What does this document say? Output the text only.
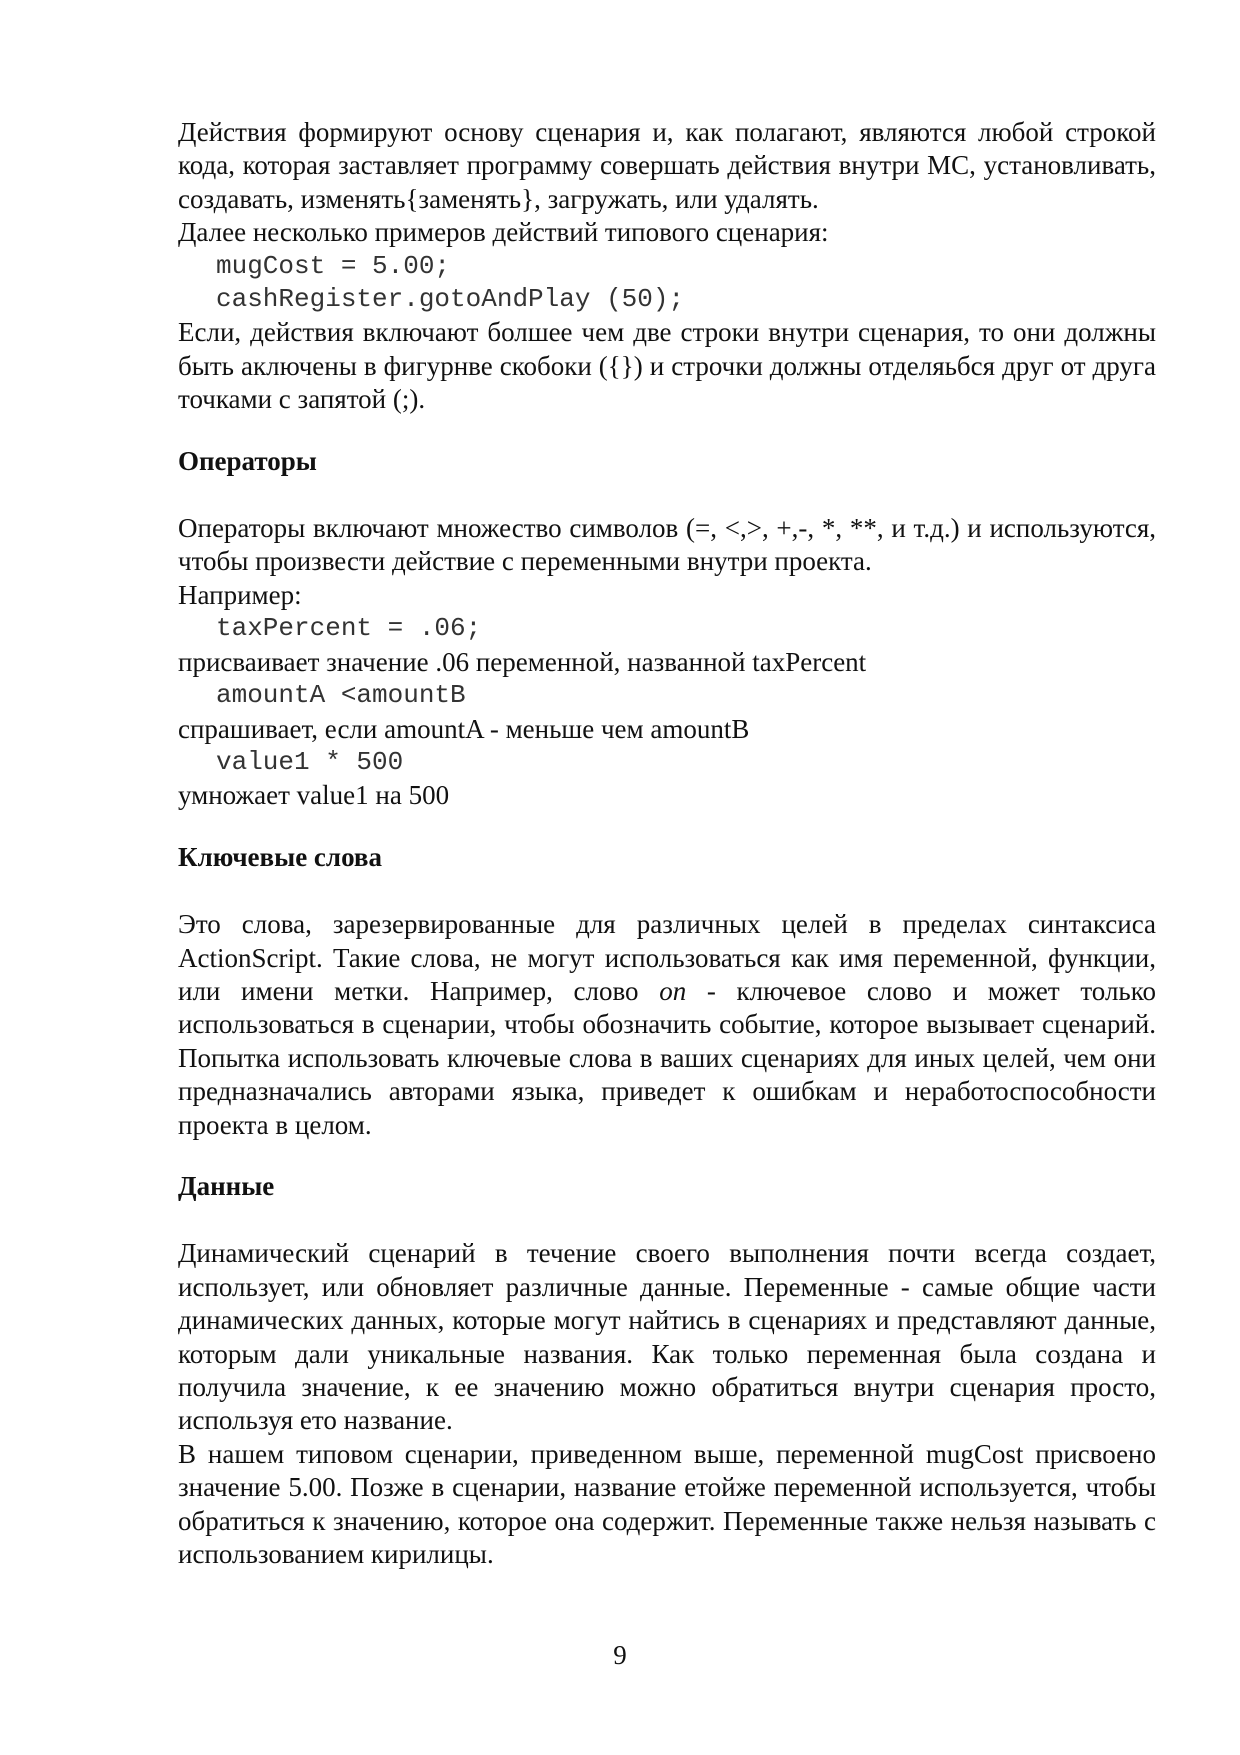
Действия формируют основу сценария и, как полагают, являются любой строкой кода, которая заставляет программу совершать действия внутри МС, установливать, создавать, изменять{заменять}, загружать, или удалять.

Далее несколько примеров действий типового сценария:

mugCost = 5.00;
cashRegister.gotoAndPlay (50);

Если, действия включают болшее чем две строки внутри сценария, то они должны быть аключены в фигурнве скобоки ({}) и строчки должны отделяьбся друг от друга точками с запятой (;).

Операторы

Операторы включают множество символов (=, <,>, +,-, *, **, и т.д.) и используются, чтобы произвести действие с переменными внутри проекта.

Например:

taxPercent = .06;

присваивает значение .06 переменной, названной taxPercent

amountA <amountB

спрашивает, если amountA - меньше чем amountB

value1 * 500

умножает value1 на 500

Ключевые слова

Это слова, зарезервированные для различных целей в пределах синтаксиса ActionScript. Такие слова, не могут использоваться как имя переменной, функции, или имени метки. Например, слово on - ключевое слово и может только использоваться в сценарии, чтобы обозначить событие, которое вызывает сценарий. Попытка использовать ключевые слова в ваших сценариях для иных целей, чем они предназначались авторами языка, приведет к ошибкам и неработоспособности проекта в целом.

Данные

Динамический сценарий в течение своего выполнения почти всегда создает, использует, или обновляет различные данные. Переменные - самые общие части динамических данных, которые могут найтись в сценариях и представляют данные, которым дали уникальные названия. Как только переменная была создана и получила значение, к ее значению можно обратиться внутри сценария просто, используя ето название.

В нашем типовом сценарии, приведенном выше, переменной mugCost присвоено значение 5.00. Позже в сценарии, название етойже переменной используется, чтобы обратиться к значению, которое она содержит. Переменные также нельзя называть с использованием кирилицы.

9
